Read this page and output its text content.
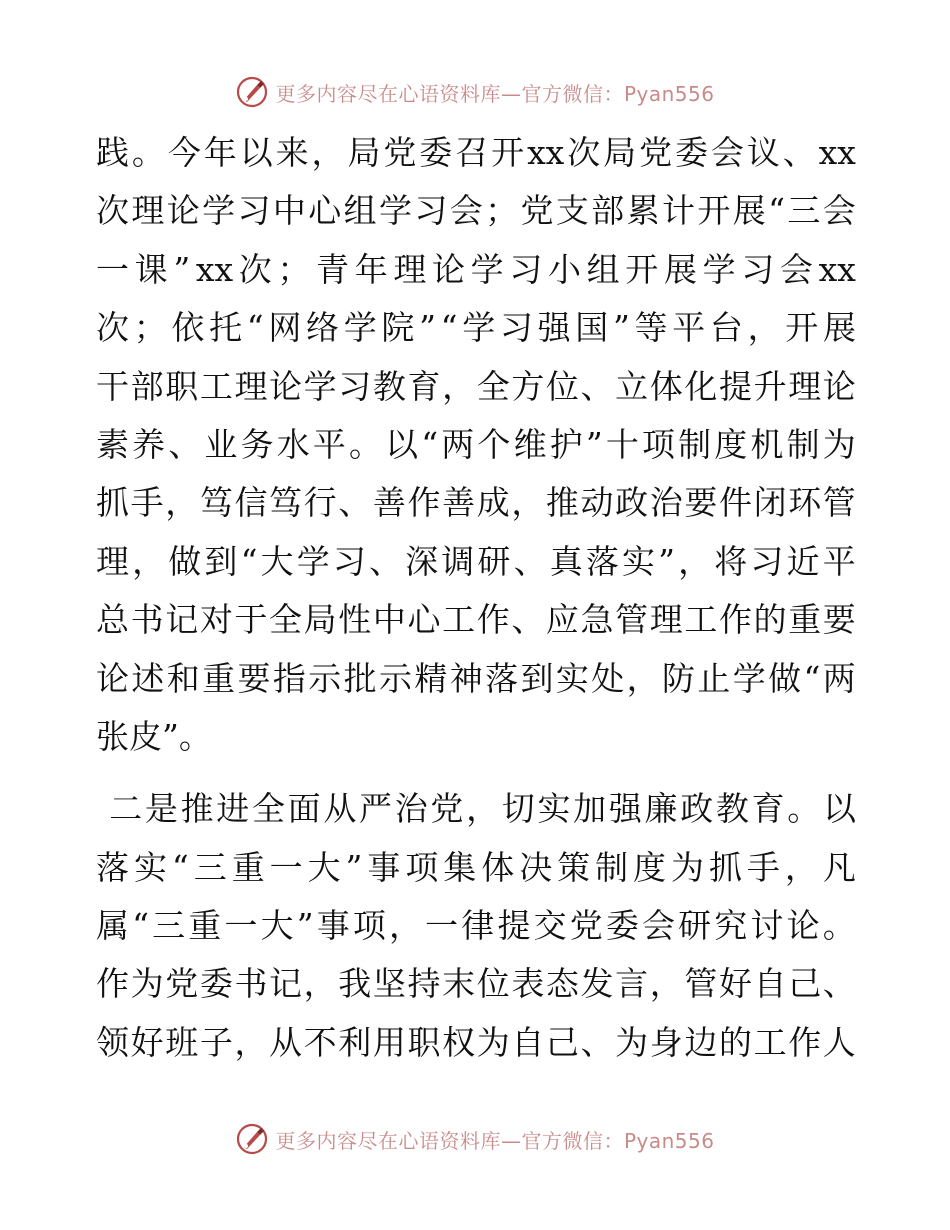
更多内容尽在心语资料库—官方微信：Pyan556
践 。 今 年 以 来 ， 局 党 委 召 开 xx 次 局 党 委 会 议 、 xx
次 理 论 学 习 中 心 组 学 习 会 ； 党 支 部 累 计 开 展 “ 三 会
一 课 ” xx 次 ； 青 年 理 论 学 习 小 组 开 展 学 习 会 xx
次 ； 依 托 “ 网 络 学 院 ” “ 学 习 强 国 ” 等 平 台 ， 开 展
干 部 职 工 理 论 学 习 教 育 ， 全 方 位 、 立 体 化 提 升 理 论
素 养 、 业 务 水 平 。 以 “ 两 个 维 护 ” 十 项 制 度 机 制 为
抓 手 ， 笃 信 笃 行 、 善 作 善 成 ， 推 动 政 治 要 件 闭 环 管
理 ， 做 到 “ 大 学 习 、 深 调 研 、 真 落 实 ” ， 将 习 近 平
总 书 记 对 于 全 局 性 中 心 工 作 、 应 急 管 理 工 作 的 重 要
论 述 和 重 要 指 示 批 示 精 神 落 到 实 处 ， 防 止 学 做 “ 两
张皮”。

二 是 推 进 全 面 从 严 治 党 ， 切 实 加 强 廉 政 教 育 。 以
落 实 “ 三 重 一 大 ” 事 项 集 体 决 策 制 度 为 抓 手 ， 凡
属 “ 三 重 一 大 ” 事 项 ， 一 律 提 交 党 委 会 研 究 讨 论 。
作 为 党 委 书 记 ， 我 坚 持 末 位 表 态 发 言 ， 管 好 自 己 、
领 好 班 子 ， 从 不 利 用 职 权 为 自 己 、 为 身 边 的 工 作 人
更多内容尽在心语资料库—官方微信：Pyan556
